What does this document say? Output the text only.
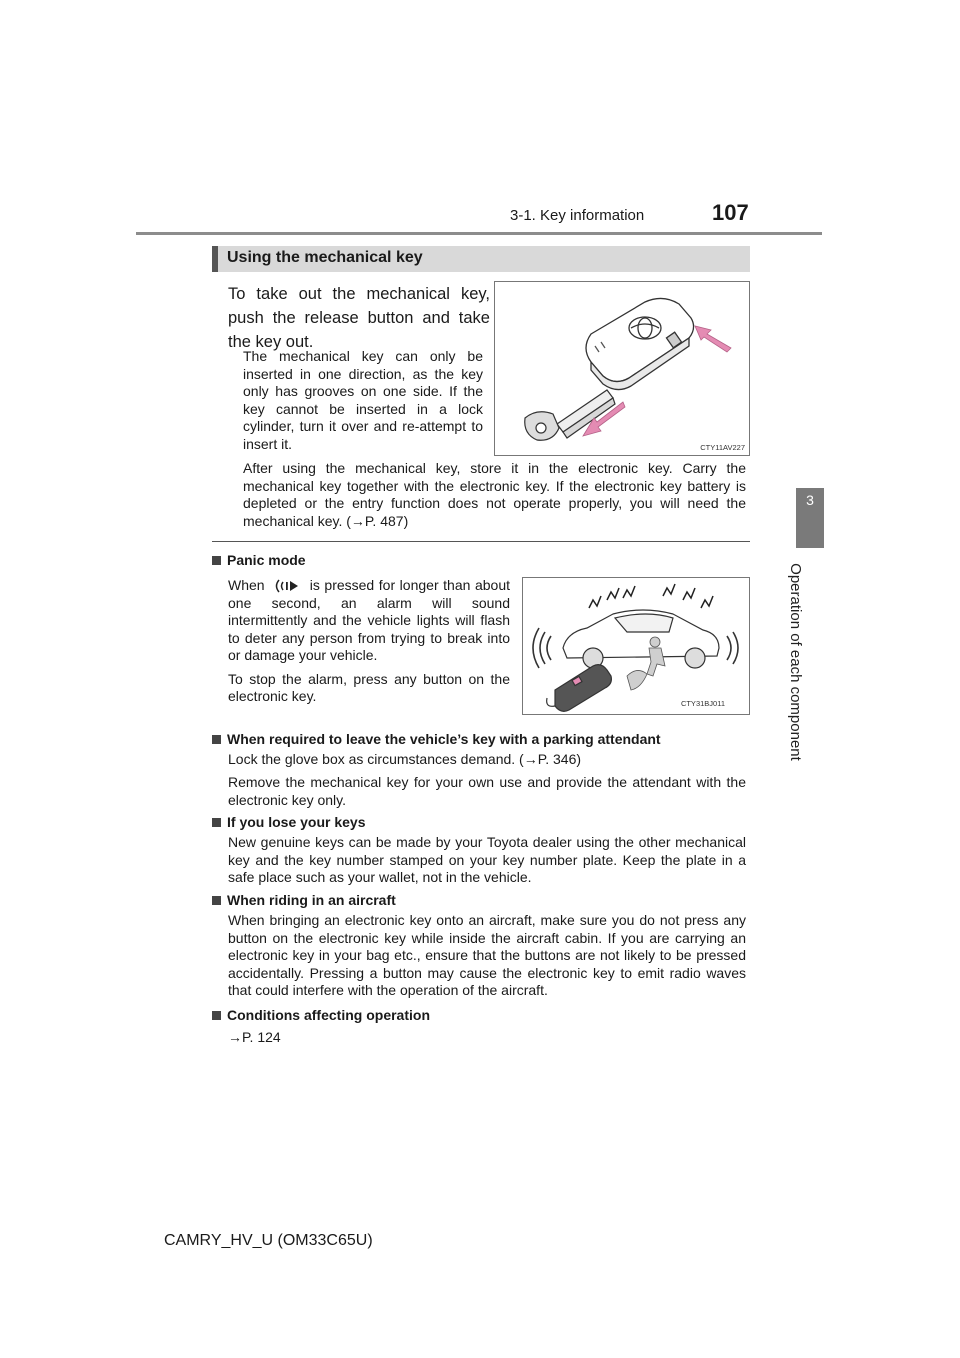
3-1. Key information	107
3
Operation of each component
Using the mechanical key
To take out the mechanical key, push the release button and take the key out.
The mechanical key can only be inserted in one direction, as the key only has grooves on one side. If the key cannot be inserted in a lock cylinder, turn it over and re-attempt to insert it.	CTY11AV227
After using the mechanical key, store it in the electronic key. Carry the mechanical key together with the electronic key. If the electronic key battery is depleted or the entry function does not operate properly, you will need the mechanical key. (→P. 487)
Panic mode

When	is pressed for longer than about one second, an alarm will sound intermittently and the vehicle lights will flash to deter any person from trying to break into or damage your vehicle.

To stop the alarm, press any button on the electronic key.	CTY31BJ011
When required to leave the vehicle’s key with a parking attendant
Lock the glove box as circumstances demand. (→P. 346)
Remove the mechanical key for your own use and provide the attendant with the electronic key only.
If you lose your keys
New genuine keys can be made by your Toyota dealer using the other mechanical key and the key number stamped on your key number plate. Keep the plate in a safe place such as your wallet, not in the vehicle.
When riding in an aircraft
When bringing an electronic key onto an aircraft, make sure you do not press any button on the electronic key while inside the aircraft cabin. If you are carrying an electronic key in your bag etc., ensure that the buttons are not likely to be pressed accidentally. Pressing a button may cause the electronic key to emit radio waves that could interfere with the operation of the aircraft.
Conditions affecting operation
→P. 124
CAMRY_HV_U (OM33C65U)
